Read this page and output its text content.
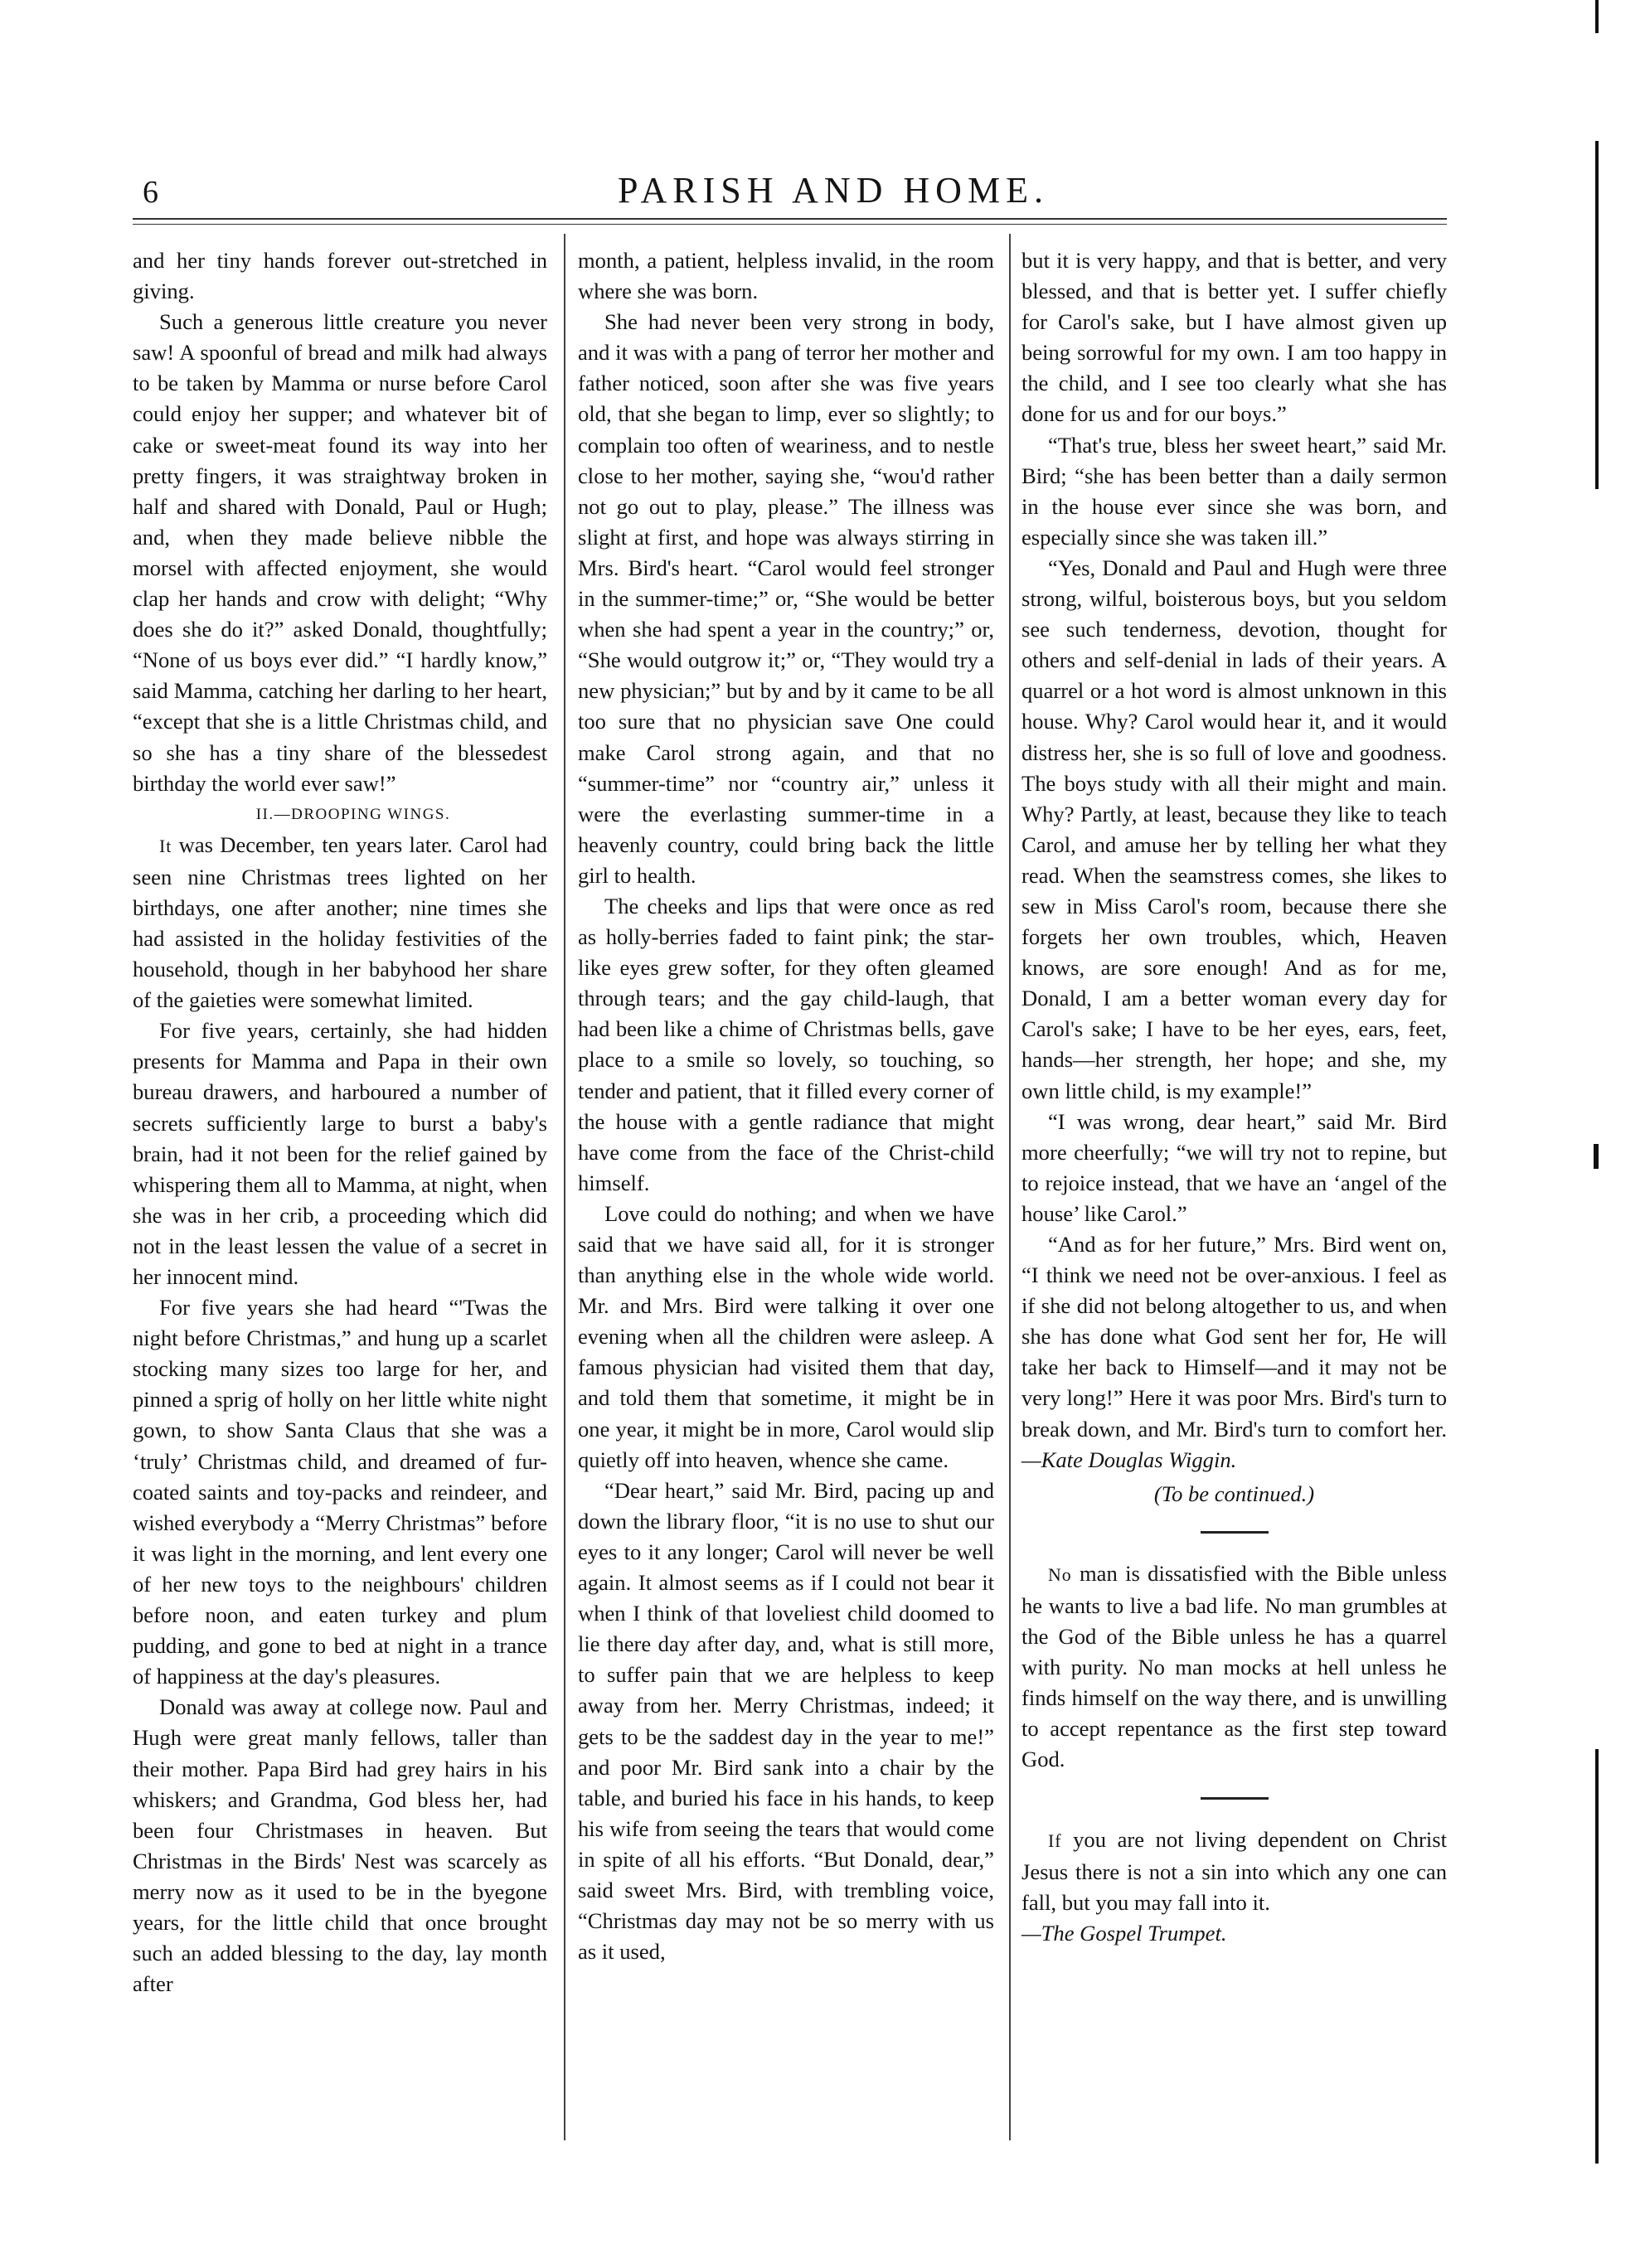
6	PARISH AND HOME.

and her tiny hands forever out-stretched in giving.

Such a generous little creature you never saw! A spoonful of bread and milk had always to be taken by Mamma or nurse before Carol could enjoy her supper; and whatever bit of cake or sweet-meat found its way into her pretty fingers, it was straightway broken in half and shared with Donald, Paul or Hugh; and, when they made believe nibble the morsel with affected enjoyment, she would clap her hands and crow with delight; “Why does she do it?” asked Donald, thoughtfully; “None of us boys ever did.” “I hardly know,” said Mamma, catching her darling to her heart, “except that she is a little Christmas child, and so she has a tiny share of the blessedest birthday the world ever saw!”

II.—DROOPING WINGS.

It was December, ten years later. Carol had seen nine Christmas trees lighted on her birthdays, one after another; nine times she had assisted in the holiday festivities of the household, though in her babyhood her share of the gaieties were somewhat limited.

For five years, certainly, she had hidden presents for Mamma and Papa in their own bureau drawers, and harboured a number of secrets sufficiently large to burst a baby's brain, had it not been for the relief gained by whispering them all to Mamma, at night, when she was in her crib, a proceeding which did not in the least lessen the value of a secret in her innocent mind.

For five years she had heard “'Twas the night before Christmas,” and hung up a scarlet stocking many sizes too large for her, and pinned a sprig of holly on her little white night gown, to show Santa Claus that she was a ‘truly’ Christmas child, and dreamed of fur-coated saints and toy-packs and reindeer, and wished everybody a “Merry Christmas” before it was light in the morning, and lent every one of her new toys to the neighbours' children before noon, and eaten turkey and plum pudding, and gone to bed at night in a trance of happiness at the day's pleasures.

Donald was away at college now. Paul and Hugh were great manly fellows, taller than their mother. Papa Bird had grey hairs in his whiskers; and Grandma, God bless her, had been four Christmases in heaven. But Christmas in the Birds' Nest was scarcely as merry now as it used to be in the byegone years, for the little child that once brought such an added blessing to the day, lay month after

month, a patient, helpless invalid, in the room where she was born.

She had never been very strong in body, and it was with a pang of terror her mother and father noticed, soon after she was five years old, that she began to limp, ever so slightly; to complain too often of weariness, and to nestle close to her mother, saying she, “wou'd rather not go out to play, please.” The illness was slight at first, and hope was always stirring in Mrs. Bird's heart. “Carol would feel stronger in the summer-time;” or, “She would be better when she had spent a year in the country;” or, “She would outgrow it;” or, “They would try a new physician;” but by and by it came to be all too sure that no physician save One could make Carol strong again, and that no “summer-time” nor “country air,” unless it were the everlasting summer-time in a heavenly country, could bring back the little girl to health.

The cheeks and lips that were once as red as holly-berries faded to faint pink; the star-like eyes grew softer, for they often gleamed through tears; and the gay child-laugh, that had been like a chime of Christmas bells, gave place to a smile so lovely, so touching, so tender and patient, that it filled every corner of the house with a gentle radiance that might have come from the face of the Christ-child himself.

Love could do nothing; and when we have said that we have said all, for it is stronger than anything else in the whole wide world. Mr. and Mrs. Bird were talking it over one evening when all the children were asleep. A famous physician had visited them that day, and told them that sometime, it might be in one year, it might be in more, Carol would slip quietly off into heaven, whence she came.

“Dear heart,” said Mr. Bird, pacing up and down the library floor, “it is no use to shut our eyes to it any longer; Carol will never be well again. It almost seems as if I could not bear it when I think of that loveliest child doomed to lie there day after day, and, what is still more, to suffer pain that we are helpless to keep away from her. Merry Christmas, indeed; it gets to be the saddest day in the year to me!” and poor Mr. Bird sank into a chair by the table, and buried his face in his hands, to keep his wife from seeing the tears that would come in spite of all his efforts. “But Donald, dear,” said sweet Mrs. Bird, with trembling voice, “Christmas day may not be so merry with us as it used,

but it is very happy, and that is better, and very blessed, and that is better yet. I suffer chiefly for Carol's sake, but I have almost given up being sorrowful for my own. I am too happy in the child, and I see too clearly what she has done for us and for our boys.”

“That's true, bless her sweet heart,” said Mr. Bird; “she has been better than a daily sermon in the house ever since she was born, and especially since she was taken ill.”

“Yes, Donald and Paul and Hugh were three strong, wilful, boisterous boys, but you seldom see such tenderness, devotion, thought for others and self-denial in lads of their years. A quarrel or a hot word is almost unknown in this house. Why? Carol would hear it, and it would distress her, she is so full of love and goodness. The boys study with all their might and main. Why? Partly, at least, because they like to teach Carol, and amuse her by telling her what they read. When the seamstress comes, she likes to sew in Miss Carol's room, because there she forgets her own troubles, which, Heaven knows, are sore enough! And as for me, Donald, I am a better woman every day for Carol's sake; I have to be her eyes, ears, feet, hands—her strength, her hope; and she, my own little child, is my example!”

“I was wrong, dear heart,” said Mr. Bird more cheerfully; “we will try not to repine, but to rejoice instead, that we have an ‘angel of the house’ like Carol.”

“And as for her future,” Mrs. Bird went on, “I think we need not be over-anxious. I feel as if she did not belong altogether to us, and when she has done what God sent her for, He will take her back to Himself—and it may not be very long!” Here it was poor Mrs. Bird's turn to break down, and Mr. Bird's turn to comfort her.—Kate Douglas Wiggin.

(To be continued.)

No man is dissatisfied with the Bible unless he wants to live a bad life. No man grumbles at the God of the Bible unless he has a quarrel with purity. No man mocks at hell unless he finds himself on the way there, and is unwilling to accept repentance as the first step toward God.

If you are not living dependent on Christ Jesus there is not a sin into which any one can fall, but you may fall into it.
—The Gospel Trumpet.
